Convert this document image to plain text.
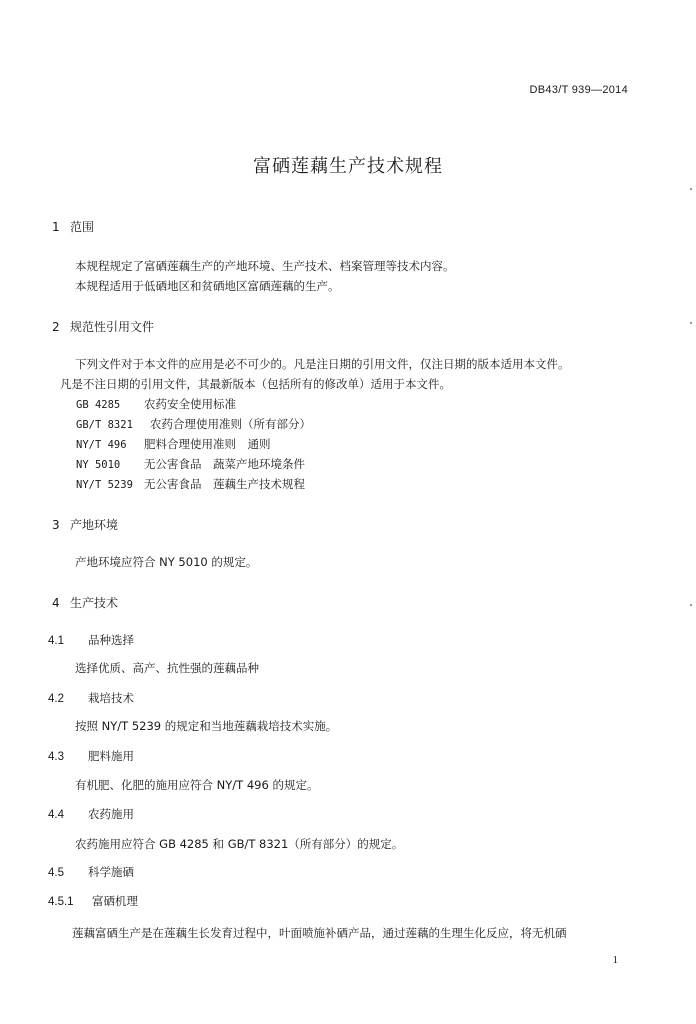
DB43/T 939—2014
富硒莲藕生产技术规程
1 范围
本规程规定了富硒莲藕生产的产地环境、生产技术、档案管理等技术内容。
本规程适用于低硒地区和贫硒地区富硒莲藕的生产。
2 规范性引用文件
下列文件对于本文件的应用是必不可少的。凡是注日期的引用文件，仅注日期的版本适用本文件。
凡是不注日期的引用文件，其最新版本（包括所有的修改单）适用于本文件。
GB 4285 农药安全使用标准
GB/T 8321 农药合理使用准则（所有部分）
NY/T 496 肥料合理使用准则　通则
NY 5010 无公害食品　蔬菜产地环境条件
NY/T 5239 无公害食品　莲藕生产技术规程
3 产地环境
产地环境应符合 NY 5010 的规定。
4 生产技术
4.1 品种选择
选择优质、高产、抗性强的莲藕品种
4.2 栽培技术
按照 NY/T 5239 的规定和当地莲藕栽培技术实施。
4.3 肥料施用
有机肥、化肥的施用应符合 NY/T 496 的规定。
4.4 农药施用
农药施用应符合 GB 4285 和 GB/T 8321（所有部分）的规定。
4.5 科学施硒
4.5.1 富硒机理
莲藕富硒生产是在莲藕生长发育过程中，叶面喷施补硒产品，通过莲藕的生理生化反应，将无机硒
1
